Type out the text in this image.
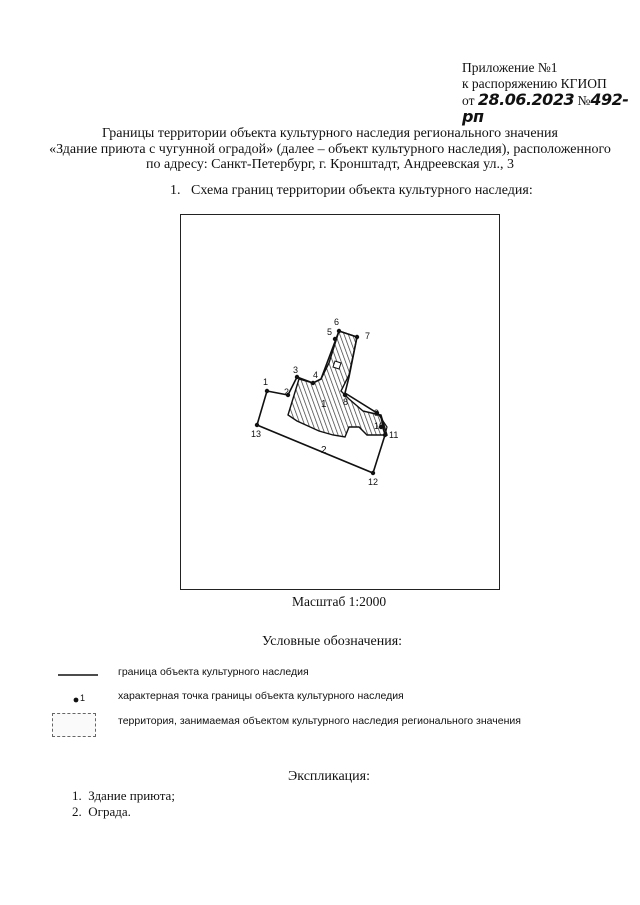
Приложение №1
к распоряжению КГИОП
от 28.06.2023 №492-рп
Границы территории объекта культурного наследия регионального значения
«Здание приюта с чугунной оградой» (далее – объект культурного наследия), расположенного
по адресу: Санкт-Петербург, г. Кронштадт, Андреевская ул., 3
1. Схема границ территории объекта культурного наследия:
1
2
3 4
5
6
7
8
9
10
11
12
13
1
2
Масштаб 1:2000
Условные обозначения:
граница объекта культурного наследия
1	характерная точка границы объекта культурного наследия
территория, занимаемая объектом культурного наследия регионального значения
Экспликация:
1. Здание приюта;
2. Ограда.
